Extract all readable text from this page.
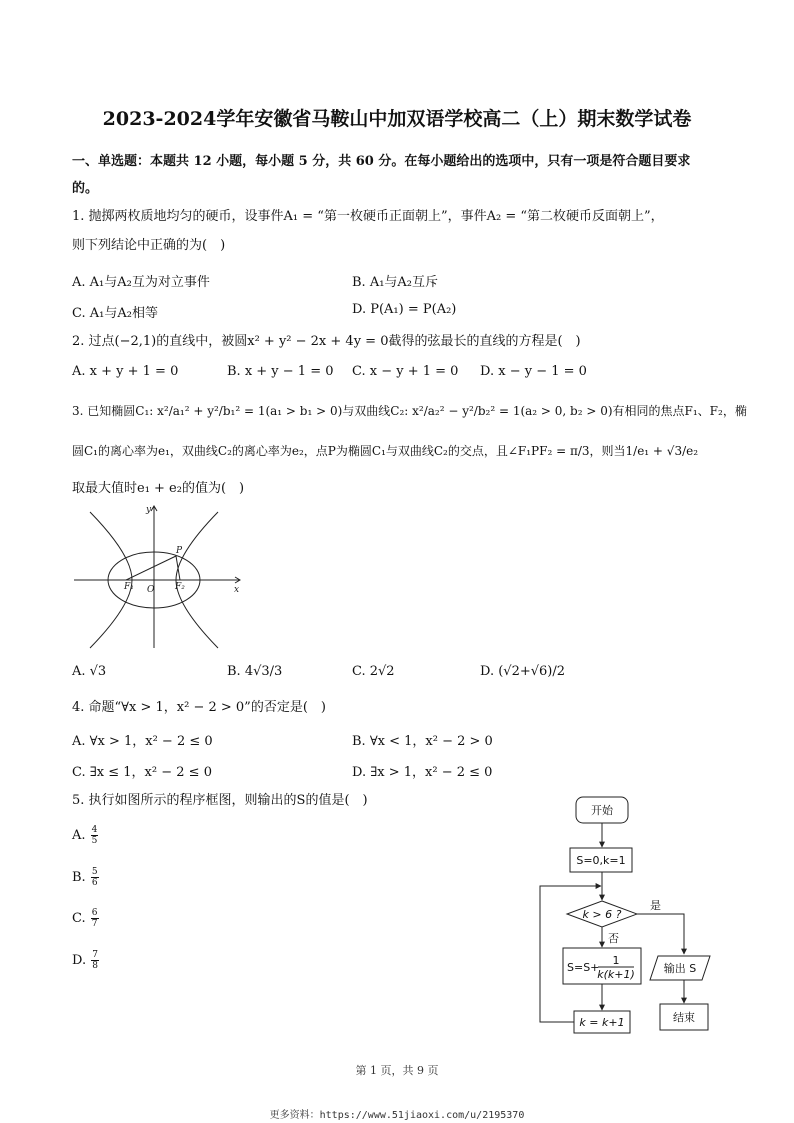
2023-2024学年安徽省马鞍山中加双语学校高二（上）期末数学试卷
一、单选题：本题共 12 小题，每小题 5 分，共 60 分。在每小题给出的选项中，只有一项是符合题目要求
的。
1. 抛掷两枚质地均匀的硬币，设事件A₁ = “第一枚硬币正面朝上”，事件A₂ = “第二枚硬币反面朝上”，
则下列结论中正确的为(　)
A. A₁与A₂互为对立事件	B. A₁与A₂互斥
C. A₁与A₂相等	D. P(A₁) = P(A₂)
2. 过点(−2,1)的直线中，被圆x² + y² − 2x + 4y = 0截得的弦最长的直线的方程是(　)
A. x + y + 1 = 0	B. x + y − 1 = 0 C. x − y + 1 = 0 D. x − y − 1 = 0
3. 已知椭圆C₁: x²/a₁² + y²/b₁² = 1(a₁ > b₁ > 0)与双曲线C₂: x²/a₂² − y²/b₂² = 1(a₂ > 0, b₂ > 0)有相同的焦点F₁、F₂，椭
圆C₁的离心率为e₁，双曲线C₂的离心率为e₂，点P为椭圆C₁与双曲线C₂的交点，且∠F₁PF₂ = π/3，则当1/e₁ + √3/e₂
取最大值时e₁ + e₂的值为(　)
y
x
P
O
F₁	F₂
A. √3	B. 4√3/3	C. 2√2	D. (√2+√6)/2
4. 命题“∀x > 1，x² − 2 > 0”的否定是(　)
A. ∀x > 1，x² − 2 ≤ 0	B. ∀x < 1，x² − 2 > 0
C. ∃x ≤ 1，x² − 2 ≤ 0	D. ∃x > 1，x² − 2 ≤ 0
5. 执行如图所示的程序框图，则输出的S的值是(　)
A. $\frac{4}{5}$
B. $\frac{5}{6}$
C. $\frac{6}{7}$
D. $\frac{7}{8}$
开始
S=0,k=1
k > 6 ?
是
否
S=S+
1
k(k+1)
k = k+1
输出 S
结束
第 1 页，共 9 页
更多资料：https://www.51jiaoxi.com/u/2195370
